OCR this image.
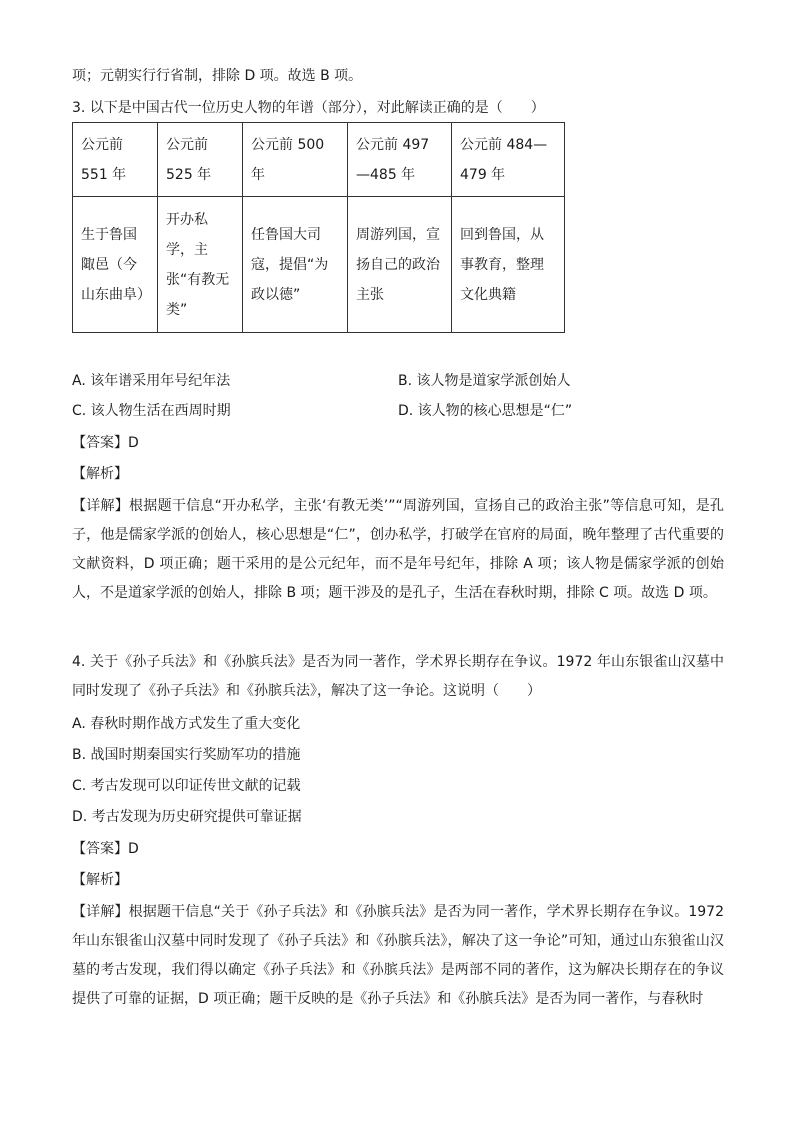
项；元朝实行行省制，排除 D 项。故选 B 项。
3. 以下是中国古代一位历史人物的年谱（部分），对此解读正确的是（　　）
公元前 551 年	公元前 525 年	公元前 500 年	公元前 497—485 年	公元前 484—479 年
生于鲁国陬邑（今山东曲阜）	开办私学，主张“有教无类”	任鲁国大司寇，提倡“为政以德”	周游列国，宣扬自己的政治主张	回到鲁国，从事教育，整理文化典籍
A. 该年谱采用年号纪年法	B. 该人物是道家学派创始人
C. 该人物生活在西周时期	D. 该人物的核心思想是“仁”
【答案】D
【解析】
【详解】根据题干信息“开办私学，主张‘有教无类’”“周游列国，宣扬自己的政治主张”等信息可知，是孔子，他是儒家学派的创始人，核心思想是“仁”，创办私学，打破学在官府的局面，晚年整理了古代重要的文献资料，D 项正确；题干采用的是公元纪年，而不是年号纪年，排除 A 项；该人物是儒家学派的创始人，不是道家学派的创始人，排除 B 项；题干涉及的是孔子，生活在春秋时期，排除 C 项。故选 D 项。
4. 关于《孙子兵法》和《孙膑兵法》是否为同一著作，学术界长期存在争议。1972 年山东银雀山汉墓中同时发现了《孙子兵法》和《孙膑兵法》，解决了这一争论。这说明（　　）
A. 春秋时期作战方式发生了重大变化
B. 战国时期秦国实行奖励军功的措施
C. 考古发现可以印证传世文献的记载
D. 考古发现为历史研究提供可靠证据
【答案】D
【解析】
【详解】根据题干信息“关于《孙子兵法》和《孙膑兵法》是否为同一著作，学术界长期存在争议。1972 年山东银雀山汉墓中同时发现了《孙子兵法》和《孙膑兵法》，解决了这一争论”可知，通过山东狼雀山汉墓的考古发现，我们得以确定《孙子兵法》和《孙膑兵法》是两部不同的著作，这为解决长期存在的争议提供了可靠的证据，D 项正确；题干反映的是《孙子兵法》和《孙膑兵法》是否为同一著作，与春秋时
